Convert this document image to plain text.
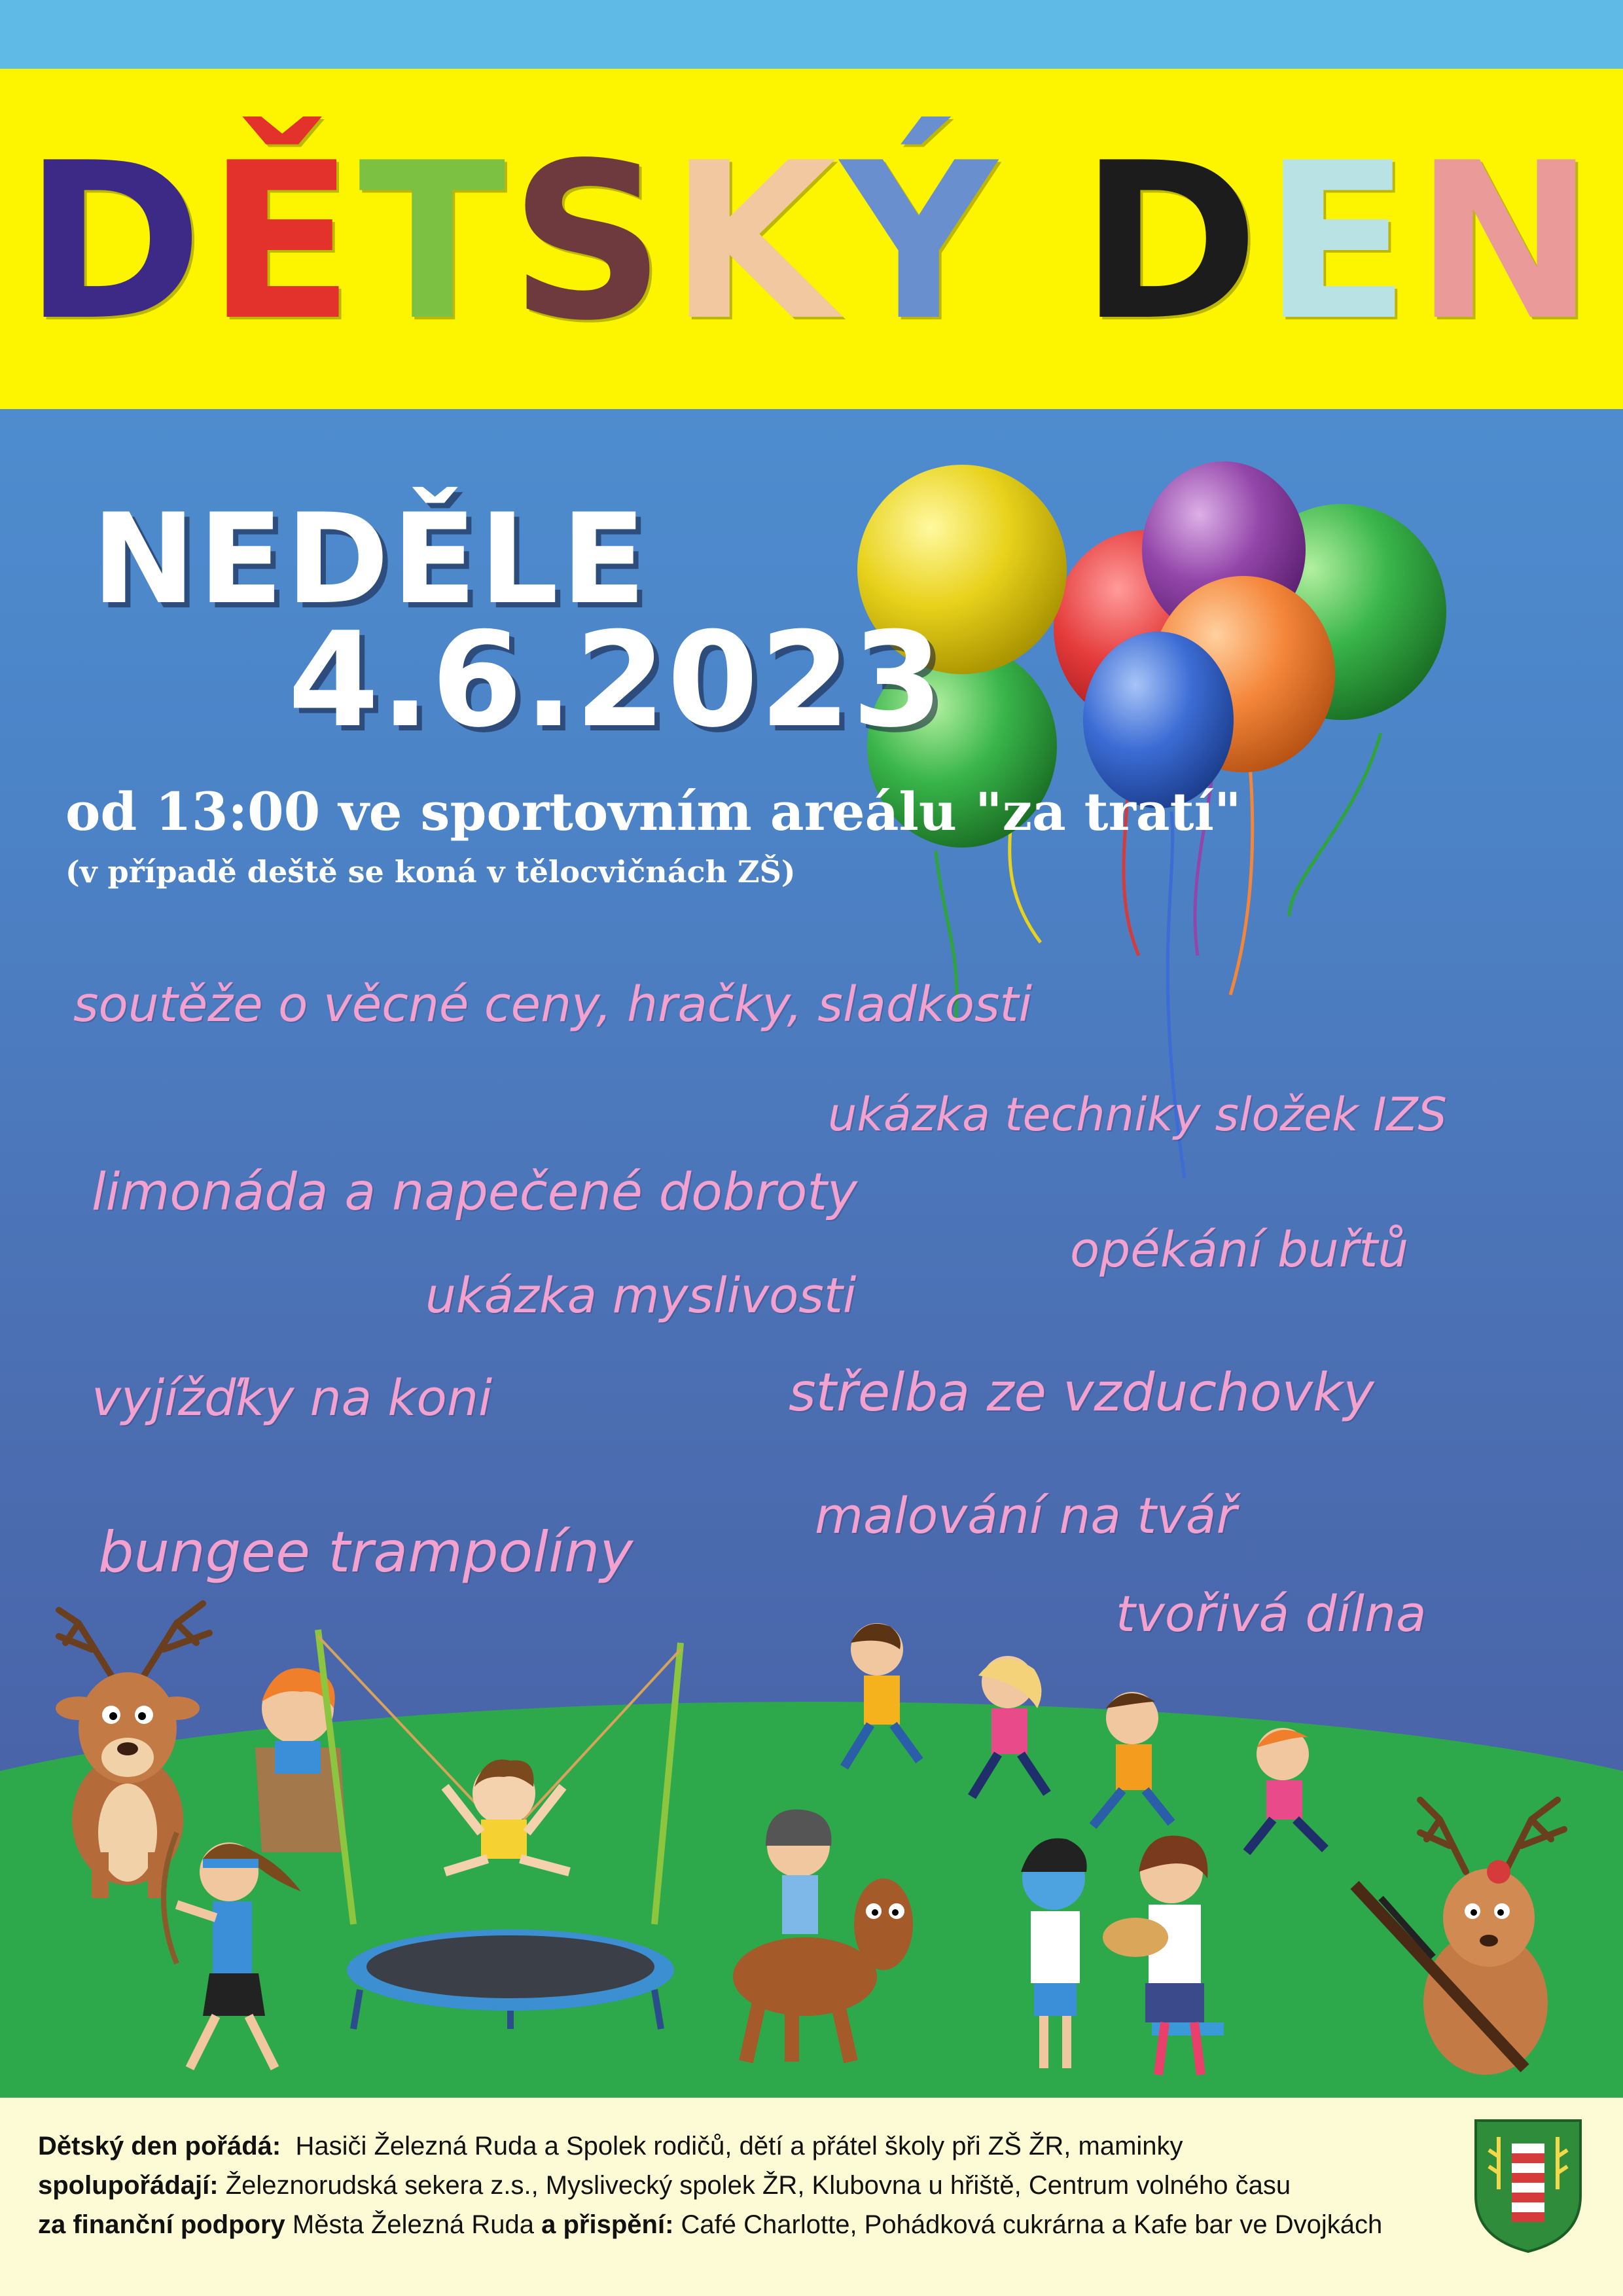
DĚTSKÝ DEN
NEDĚLE
4.6.2023
od 13:00 ve sportovním areálu "za tratí"
(v případě deště se koná v tělocvičnách ZŠ)
soutěže o věcné ceny, hračky, sladkosti
ukázka techniky složek IZS
limonáda a napečené dobroty
opékání buřtů
ukázka myslivosti
vyjížďky na koni	střelba ze vzduchovky
malování na tvář
bungee trampolíny
tvořivá dílna
Dětský den pořádá: Hasiči Železná Ruda a Spolek rodičů, dětí a přátel školy při ZŠ ŽR, maminky
spolupořádají: Železnorudská sekera z.s., Myslivecký spolek ŽR, Klubovna u hřiště, Centrum volného času
za finanční podpory Města Železná Ruda a přispění: Café Charlotte, Pohádková cukrárna a Kafe bar ve Dvojkách
